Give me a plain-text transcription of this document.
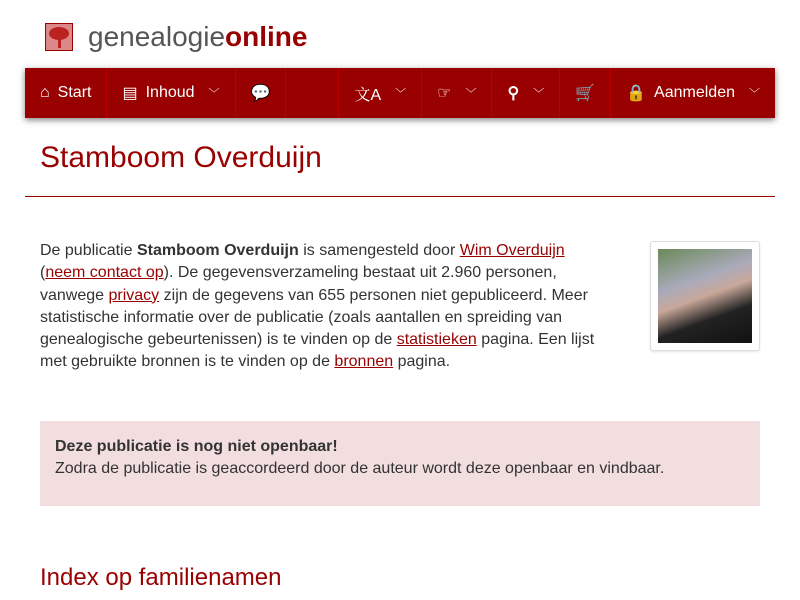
genealogieonline
⌂ Start ▤ Inhoud ﹀ 💬	文A ﹀ ☞ ﹀ ⚲ ﹀ 🛒 🔒 Aanmelden ﹀
Stamboom Overduijn

De publicatie Stamboom Overduijn is samengesteld door Wim Overduijn (neem contact op). De gegevensverzameling bestaat uit 2.960 personen, vanwege privacy zijn de gegevens van 655 personen niet gepubliceerd. Meer statistische informatie over de publicatie (zoals aantallen en spreiding van genealogische gebeurtenissen) is te vinden op de statistieken pagina. Een lijst met gebruikte bronnen is te vinden op de bronnen pagina.

Deze publicatie is nog niet openbaar!
Zodra de publicatie is geaccordeerd door de auteur wordt deze openbaar en vindbaar.
Index op familienamen
